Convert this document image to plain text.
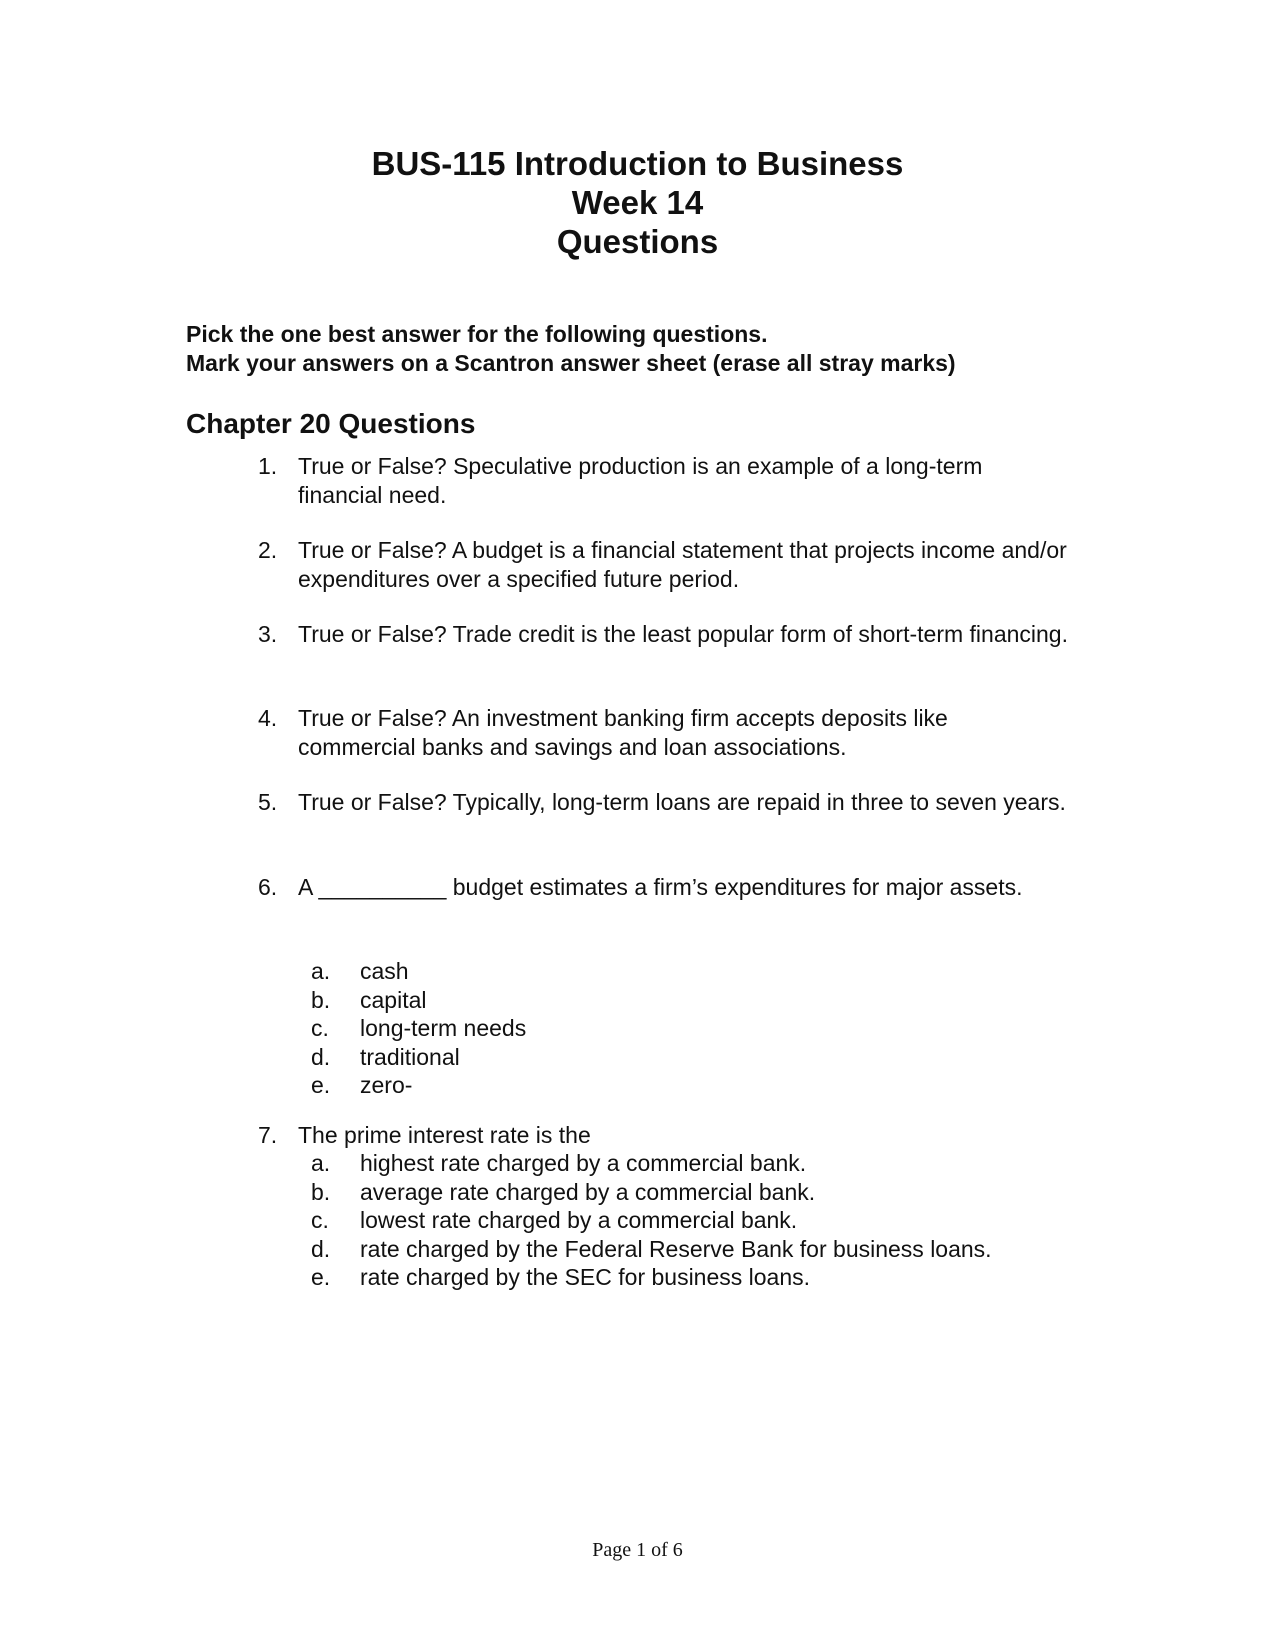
BUS-115 Introduction to Business
Week 14
Questions
Pick the one best answer for the following questions.
Mark your answers on a Scantron answer sheet (erase all stray marks)
Chapter 20 Questions
1. True or False? Speculative production is an example of a long-term financial need.
2. True or False? A budget is a financial statement that projects income and/or expenditures over a specified future period.
3. True or False? Trade credit is the least popular form of short-term financing.
4. True or False? An investment banking firm accepts deposits like commercial banks and savings and loan associations.
5. True or False? Typically, long-term loans are repaid in three to seven years.
6. A __________ budget estimates a firm’s expenditures for major assets.
a. cash
b. capital
c. long-term needs
d. traditional
e. zero-
7. The prime interest rate is the
a. highest rate charged by a commercial bank.
b. average rate charged by a commercial bank.
c. lowest rate charged by a commercial bank.
d. rate charged by the Federal Reserve Bank for business loans.
e. rate charged by the SEC for business loans.
Page 1 of 6
